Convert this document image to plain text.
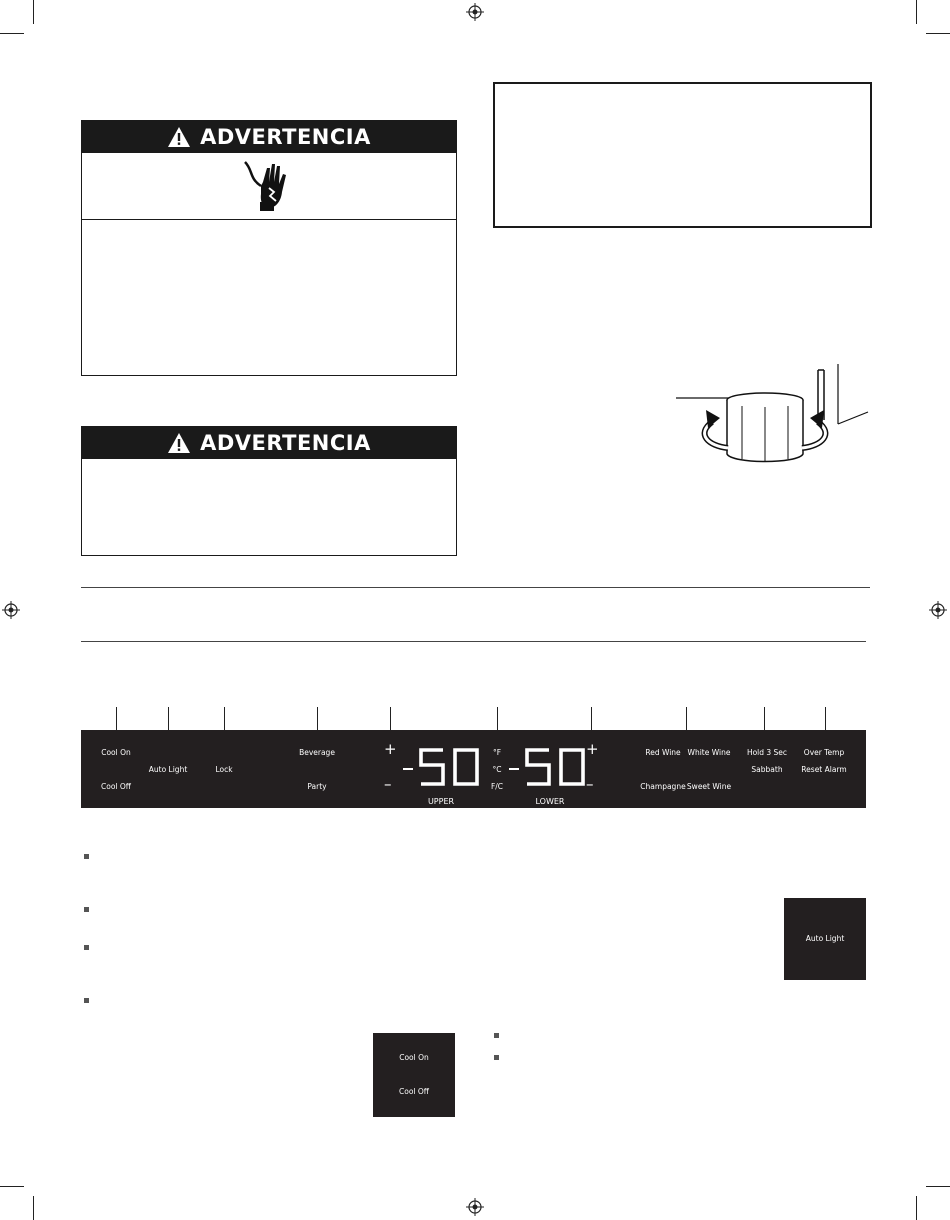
ADVERTENCIA
ADVERTENCIA
Cool On
Cool Off
Auto Light	Lock
Beverage
Party
+
–
UPPER
°F
°C
F/C
LOWER
+
–
Red Wine
Champagne
White Wine
Sweet Wine
Hold 3 Sec
Sabbath
Over Temp
Reset Alarm
Auto Light
Cool On
Cool Off
